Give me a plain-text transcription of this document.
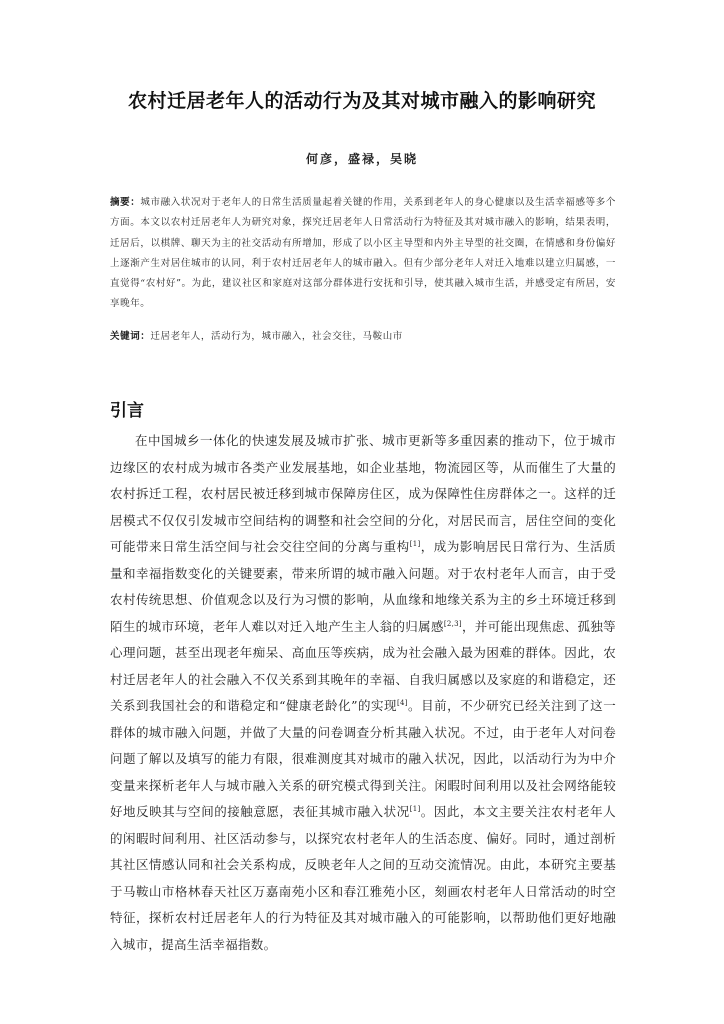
农村迁居老年人的活动行为及其对城市融入的影响研究
何彦，盛禄，吴晓
摘要：城市融入状况对于老年人的日常生活质量起着关键的作用，关系到老年人的身心健康以及生活幸福感等多个方面。本文以农村迁居老年人为研究对象，探究迁居老年人日常活动行为特征及其对城市融入的影响，结果表明，迁居后，以棋牌、聊天为主的社交活动有所增加，形成了以小区主导型和内外主导型的社交圈，在情感和身份偏好上逐渐产生对居住城市的认同，利于农村迁居老年人的城市融入。但有少部分老年人对迁入地难以建立归属感，一直觉得“农村好”。为此，建议社区和家庭对这部分群体进行安抚和引导，使其融入城市生活，并感受定有所居，安享晚年。
关键词：迁居老年人，活动行为，城市融入，社会交往，马鞍山市
引言

在中国城乡一体化的快速发展及城市扩张、城市更新等多重因素的推动下，位于城市边缘区的农村成为城市各类产业发展基地，如企业基地，物流园区等，从而催生了大量的农村拆迁工程，农村居民被迁移到城市保障房住区，成为保障性住房群体之一。这样的迁居模式不仅仅引发城市空间结构的调整和社会空间的分化，对居民而言，居住空间的变化可能带来日常生活空间与社会交往空间的分离与重构[1]，成为影响居民日常行为、生活质量和幸福指数变化的关键要素，带来所谓的城市融入问题。对于农村老年人而言，由于受农村传统思想、价值观念以及行为习惯的影响，从血缘和地缘关系为主的乡土环境迁移到陌生的城市环境，老年人难以对迁入地产生主人翁的归属感[2,3]，并可能出现焦虑、孤独等心理问题，甚至出现老年痴呆、高血压等疾病，成为社会融入最为困难的群体。因此，农村迁居老年人的社会融入不仅关系到其晚年的幸福、自我归属感以及家庭的和谐稳定，还关系到我国社会的和谐稳定和“健康老龄化”的实现[4]。目前，不少研究已经关注到了这一群体的城市融入问题，并做了大量的问卷调查分析其融入状况。不过，由于老年人对问卷问题了解以及填写的能力有限，很难测度其对城市的融入状况，因此，以活动行为为中介变量来探析老年人与城市融入关系的研究模式得到关注。闲暇时间利用以及社会网络能较好地反映其与空间的接触意愿，表征其城市融入状况[1]。因此，本文主要关注农村老年人的闲暇时间利用、社区活动参与，以探究农村老年人的生活态度、偏好。同时，通过剖析其社区情感认同和社会关系构成，反映老年人之间的互动交流情况。由此，本研究主要基于马鞍山市格林春天社区万嘉南苑小区和春江雅苑小区，刻画农村老年人日常活动的时空特征，探析农村迁居老年人的行为特征及其对城市融入的可能影响，以帮助他们更好地融入城市，提高生活幸福指数。
